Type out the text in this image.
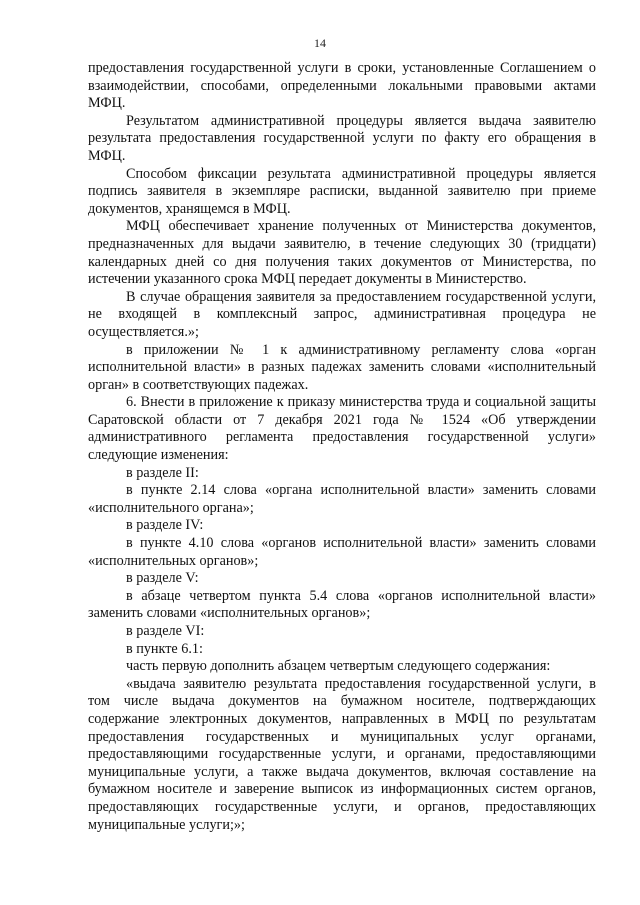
14

предоставления государственной услуги в сроки, установленные Соглашением о взаимодействии, способами, определенными локальными правовыми актами МФЦ.

Результатом административной процедуры является выдача заявителю результата предоставления государственной услуги по факту его обращения в МФЦ.

Способом фиксации результата административной процедуры является подпись заявителя в экземпляре расписки, выданной заявителю при приеме документов, хранящемся в МФЦ.

МФЦ обеспечивает хранение полученных от Министерства документов, предназначенных для выдачи заявителю, в течение следующих 30 (тридцати) календарных дней со дня получения таких документов от Министерства, по истечении указанного срока МФЦ передает документы в Министерство.

В случае обращения заявителя за предоставлением государственной услуги, не входящей в комплексный запрос, административная процедура не осуществляется.»;

в приложении № 1 к административному регламенту слова «орган исполнительной власти» в разных падежах заменить словами «исполнительный орган» в соответствующих падежах.

6. Внести в приложение к приказу министерства труда и социальной защиты Саратовской области от 7 декабря 2021 года № 1524 «Об утверждении административного регламента предоставления государственной услуги» следующие изменения:

в разделе II:

в пункте 2.14 слова «органа исполнительной власти» заменить словами «исполнительного органа»;

в разделе IV:

в пункте 4.10 слова «органов исполнительной власти» заменить словами «исполнительных органов»;

в разделе V:

в абзаце четвертом пункта 5.4 слова «органов исполнительной власти» заменить словами «исполнительных органов»;

в разделе VI:

в пункте 6.1:

часть первую дополнить абзацем четвертым следующего содержания:

«выдача заявителю результата предоставления государственной услуги, в том числе выдача документов на бумажном носителе, подтверждающих содержание электронных документов, направленных в МФЦ по результатам предоставления государственных и муниципальных услуг органами, предоставляющими государственные услуги, и органами, предоставляющими муниципальные услуги, а также выдача документов, включая составление на бумажном носителе и заверение выписок из информационных систем органов, предоставляющих государственные услуги, и органов, предоставляющих муниципальные услуги;»;
